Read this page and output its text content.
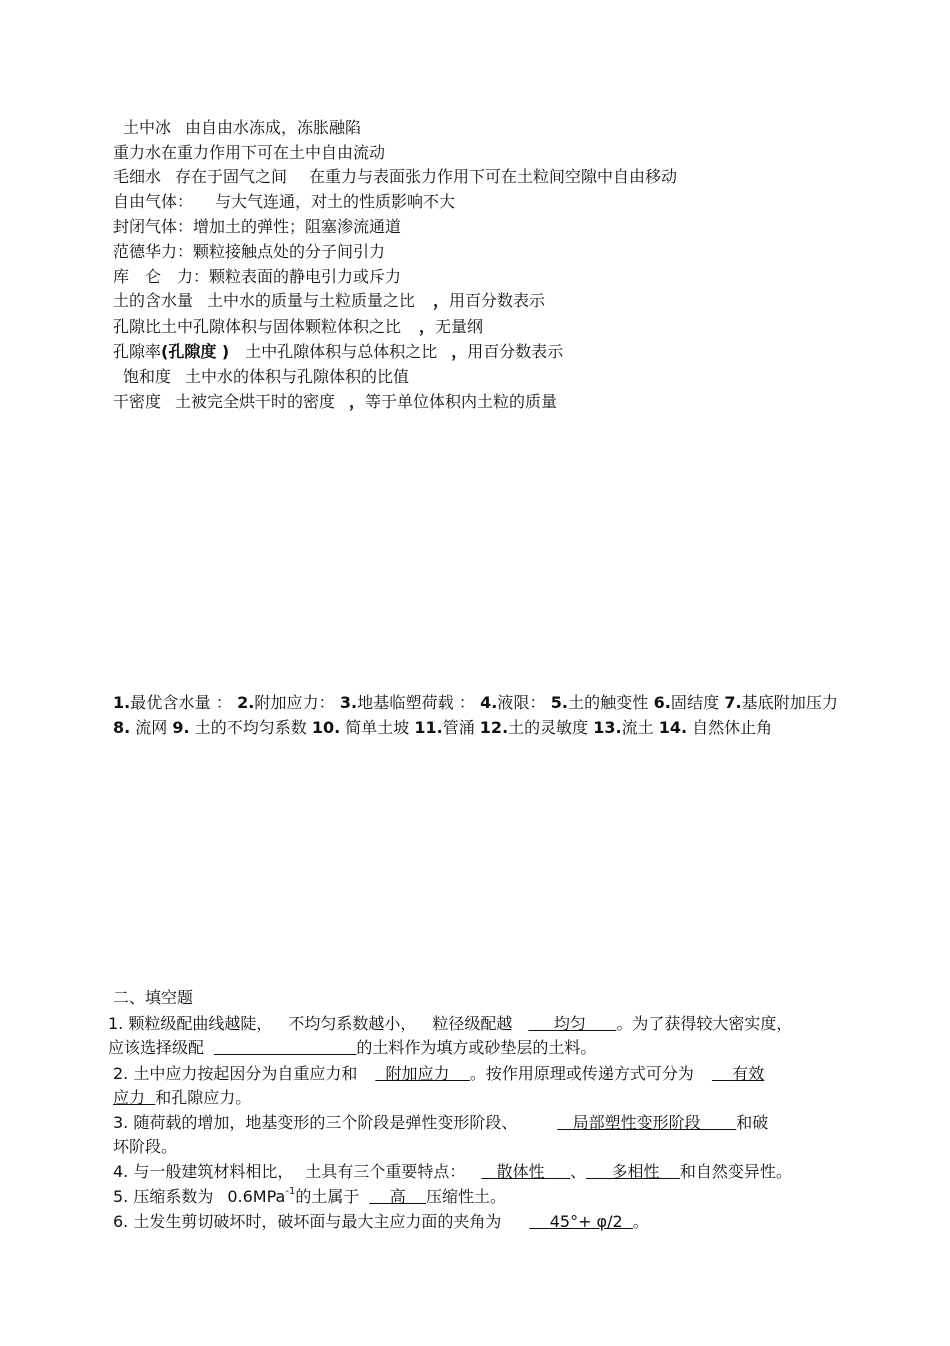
土中冰 由自由水冻成，冻胀融陷
重力水在重力作用下可在土中自由流动
毛细水 存在于固气之间 在重力与表面张力作用下可在土粒间空隙中自由移动
自由气体： 与大气连通，对土的性质影响不大
封闭气体：增加土的弹性；阻塞渗流通道
范德华力：颗粒接触点处的分子间引力
库　仑　力：颗粒表面的静电引力或斥力
土的含水量 土中水的质量与土粒质量之比 ，用百分数表示
孔隙比土中孔隙体积与固体颗粒体积之比 ，无量纲
孔隙率(孔隙度 ) 土中孔隙体积与总体积之比 ，用百分数表示
饱和度 土中水的体积与孔隙体积的比值
干密度 土被完全烘干时的密度 ，等于单位体积内土粒的质量
1.最优含水量 ： 2.附加应力： 3.地基临塑荷载 ： 4.液限： 5.土的触变性 6.固结度 7.基底附加压力 8. 流网 9. 土的不均匀系数 10. 简单土坡 11.管涌 12.土的灵敏度 13.流土 14. 自然休止角
二、填空题
1. 颗粒级配曲线越陡， 不均匀系数越小， 粒径级配越	均匀 。为了获得较大密实度，
应该选择级配	的土料作为填方或砂垫层的土料。
2. 土中应力按起因分为自重应力和 附加应力 。按作用原理或传递方式可分为 有效
应力 和孔隙应力。
3. 随荷载的增加，地基变形的三个阶段是弹性变形阶段、	局部塑性变形阶段 和破
坏阶段。
4. 与一般建筑材料相比， 土具有三个重要特点： 散体性 、 多相性 和自然变异性。
5. 压缩系数为 0.6MPa$^{-1}$的土属于 高 压缩性土。
6. 土发生剪切破坏时，破坏面与最大主应力面的夹角为	45°+ φ/2 。
